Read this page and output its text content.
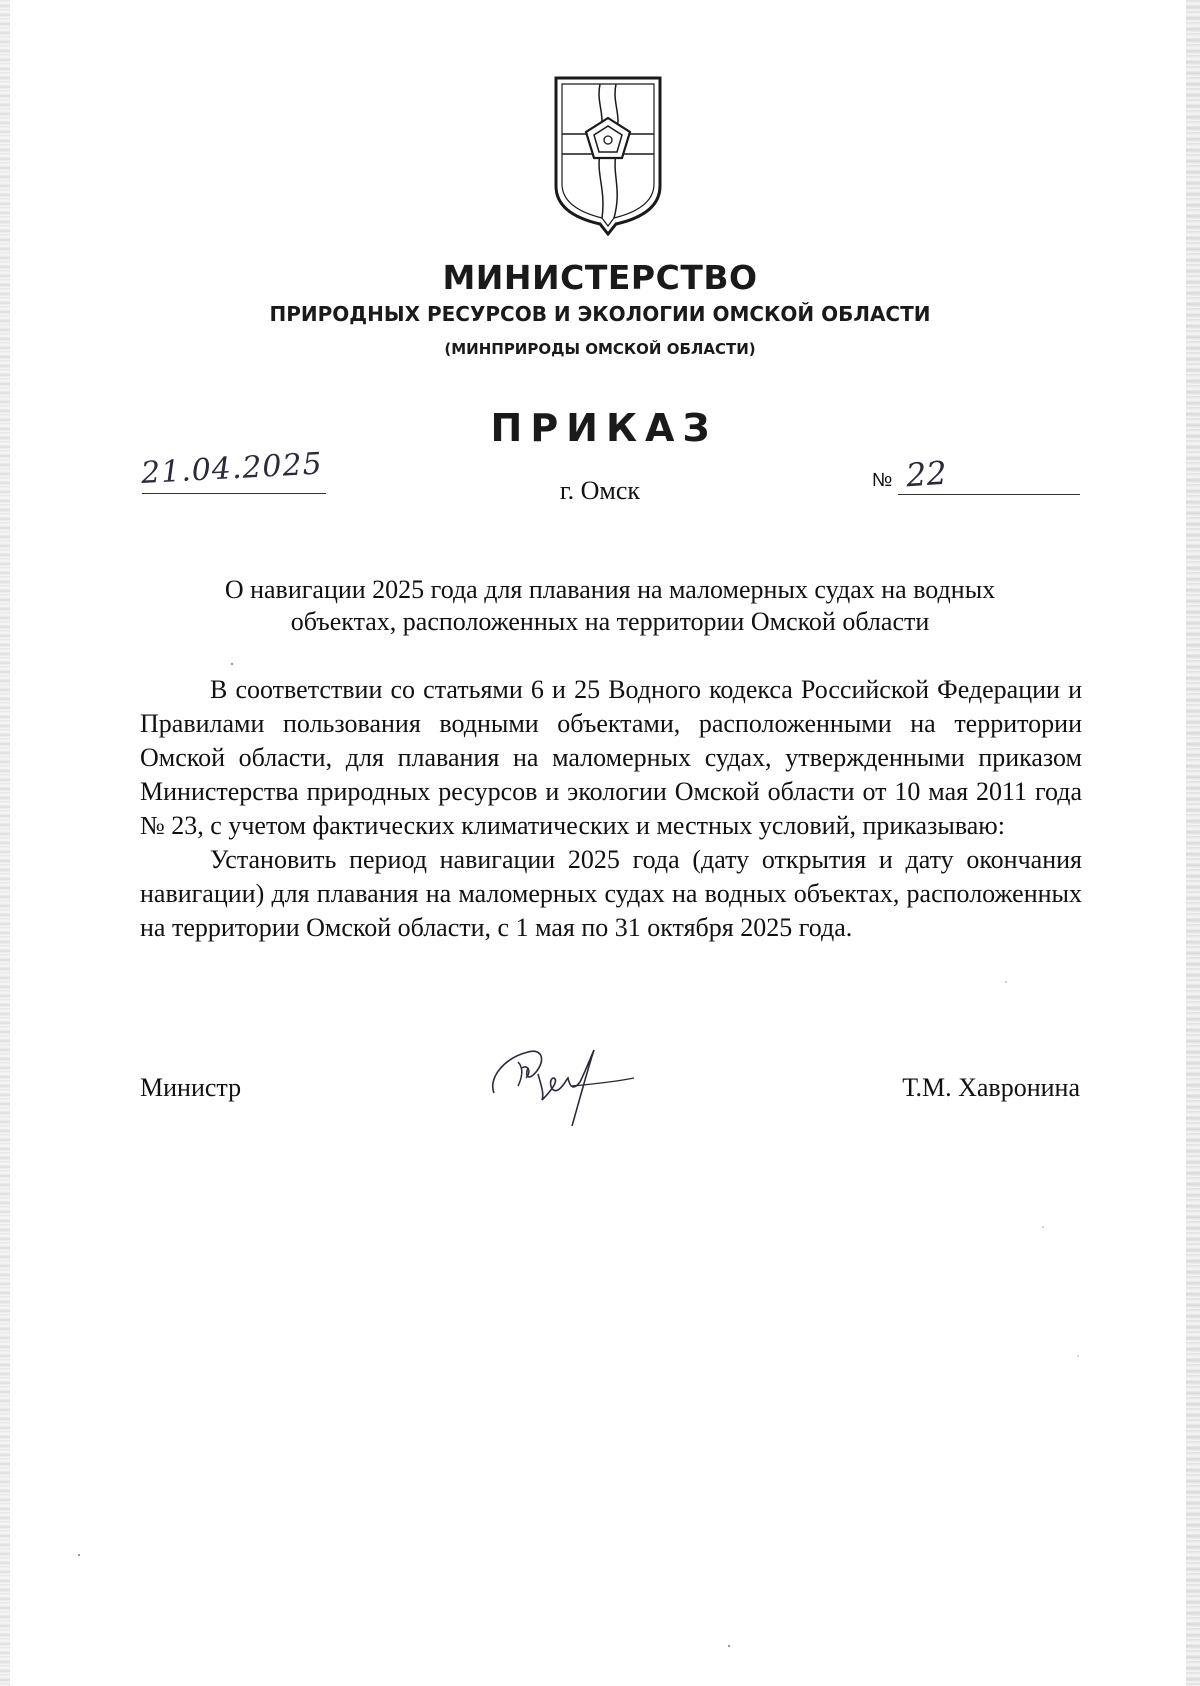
МИНИСТЕРСТВО
ПРИРОДНЫХ РЕСУРСОВ И ЭКОЛОГИИ ОМСКОЙ ОБЛАСТИ
(МИНПРИРОДЫ ОМСКОЙ ОБЛАСТИ)
ПРИКАЗ
21.04.2025	г. Омск	№ 22
О навигации 2025 года для плавания на маломерных судах на водных
объектах, расположенных на территории Омской области

В соответствии со статьями 6 и 25 Водного кодекса Российской Федерации и Правилами пользования водными объектами, расположенными на территории Омской области, для плавания на маломерных судах, утвержденными приказом Министерства природных ресурсов и экологии Омской области от 10 мая 2011 года № 23, с учетом фактических климатических и местных условий, приказываю:

Установить период навигации 2025 года (дату открытия и дату окончания навигации) для плавания на маломерных судах на водных объектах, расположенных на территории Омской области, с 1 мая по 31 октября 2025 года.

Министр	Т.М. Хавронина
